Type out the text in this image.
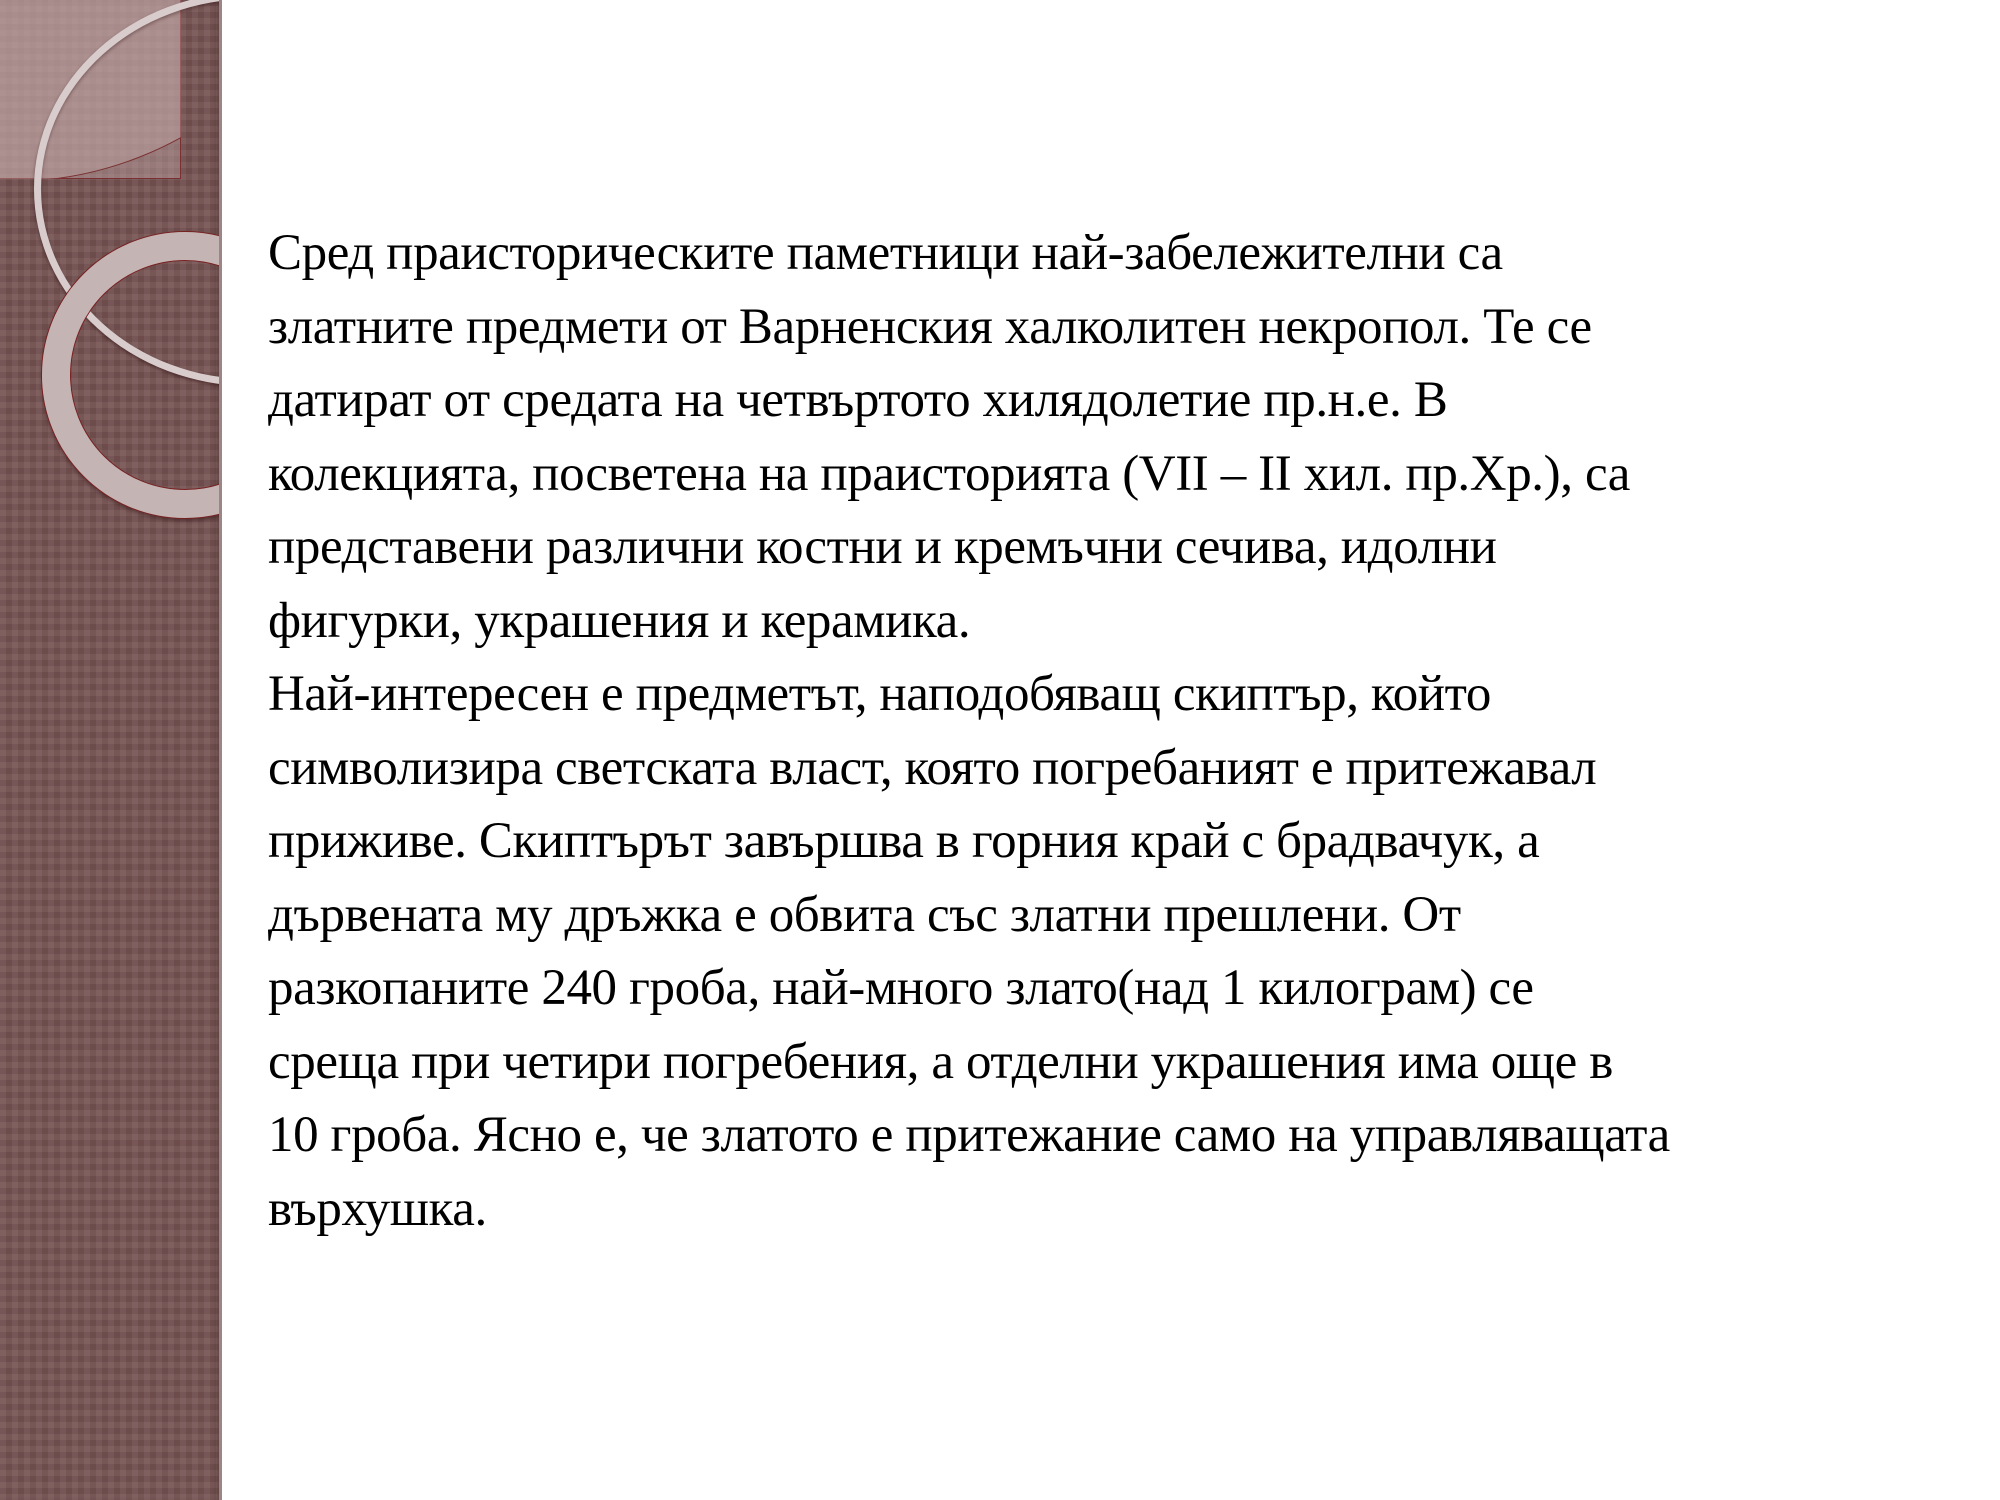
Сред праисторическите паметници най-забележителни са
златните предмети от Варненския халколитен некропол. Те се
датират от средата на четвъртото хилядолетие пр.н.е. В
колекцията, посветена на праисторията (VII – II хил. пр.Хр.), са
представени различни костни и кремъчни сечива, идолни
фигурки, украшения и керамика.

Най-интересен е предметът, наподобяващ скиптър, който
символизира светската власт, която погребаният е притежавал
приживе. Скиптърът завършва в горния край с брадвачук, а
дървената му дръжка е обвита със златни прешлени. От
разкопаните 240 гроба, най-много злато(над 1 килограм) се
среща при четири погребения, а отделни украшения има още в
10 гроба. Ясно е, че златото е притежание само на управляващата
върхушка.
